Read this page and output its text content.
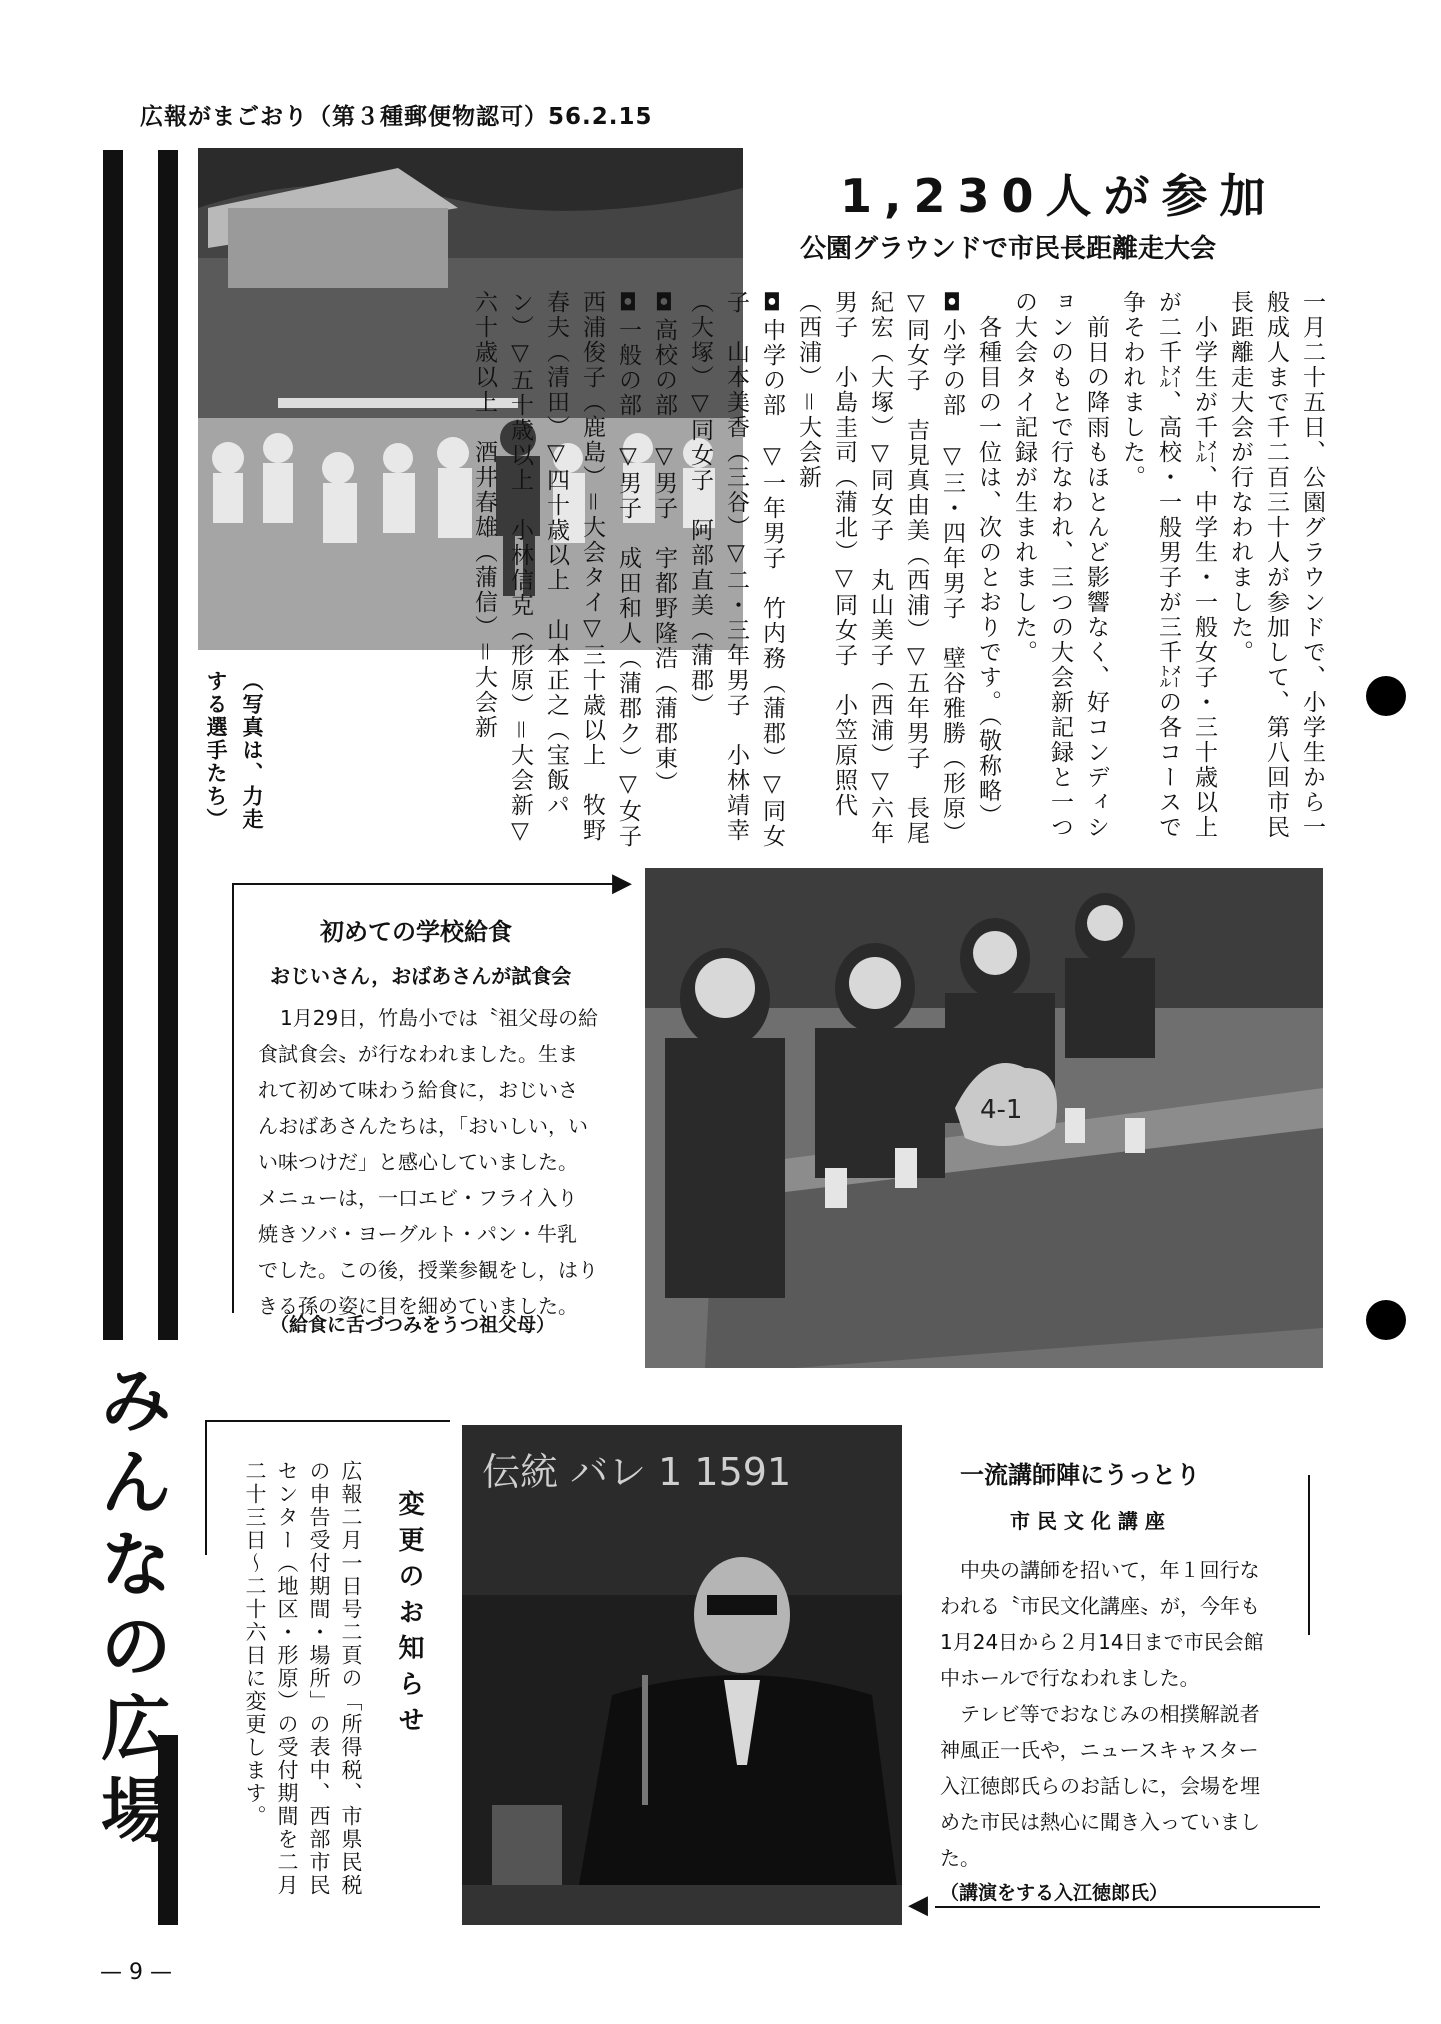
広報がまごおり（第３種郵便物認可）56.2.15
みんなの広場
1,230人が参加
公園グラウンドで市民長距離走大会
一月二十五日、公園グラウンドで、小学生から一般成人まで千二百三十人が参加して、第八回市民長距離走大会が行なわれました。
　小学生が千㍍、中学生・一般女子・三十歳以上が二千㍍、高校・一般男子が三千㍍の各コースで争そわれました。
　前日の降雨もほとんど影響なく、好コンディションのもとで行なわれ、三つの大会新記録と一つの大会タイ記録が生まれました。
　各種目の一位は、次のとおりです。（敬称略）
◘小学の部　▽三・四年男子　壁谷雅勝（形原）▽同女子　吉見真由美（西浦）▽五年男子　長尾紀宏（大塚）▽同女子　丸山美子（西浦）▽六年男子　小島圭司（蒲北）▽同女子　小笠原照代（西浦）＝大会新
◘中学の部　▽一年男子　竹内務（蒲郡）▽同女子　山本美香（三谷）▽二・三年男子　小林靖幸（大塚）▽同女子　阿部直美（蒲郡）
◘高校の部　▽男子　宇都野隆浩（蒲郡東）
◘一般の部　▽男子　成田和人（蒲郡ク）▽女子　西浦俊子（鹿島）＝大会タイ▽三十歳以上　牧野春夫（清田）▽四十歳以上　山本正之（宝飯パン）▽五十歳以上　小林信克（形原）＝大会新▽六十歳以上　酒井春雄（蒲信）＝大会新
（写真は、力走する選手たち）
▶
初めての学校給食
おじいさん，おばあさんが試食会

1月29日，竹島小では〝祖父母の給

食試食会〟が行なわれました。生ま

れて初めて味わう給食に，おじいさ

んおばあさんたちは，「おいしい，い

い味つけだ」と感心していました。

メニューは，一口エビ・フライ入り

焼きソバ・ヨーグルト・パン・牛乳

でした。この後，授業参観をし，はり

きる孫の姿に目を細めていました。

（給食に舌づつみをうつ祖父母）
4-1
変更のお知らせ
広報二月一日号二頁の「所得税、市県民税の申告受付期間・場所」の表中、西部市民センター（地区・形原）の受付期間を二月二十三日〜二十六日に変更します。	伝統 バレ 1 1591	一流講師陣にうっとり
市 民 文 化 講 座

　中央の講師を招いて，年１回行な

われる〝市民文化講座〟が，今年も

1月24日から２月14日まで市民会館

中ホールで行なわれました。

　テレビ等でおなじみの相撲解説者

神風正一氏や，ニュースキャスター

入江徳郎氏らのお話しに，会場を埋

めた市民は熱心に聞き入っていまし

た。

（講演をする入江徳郎氏）
◀
— 9 —
